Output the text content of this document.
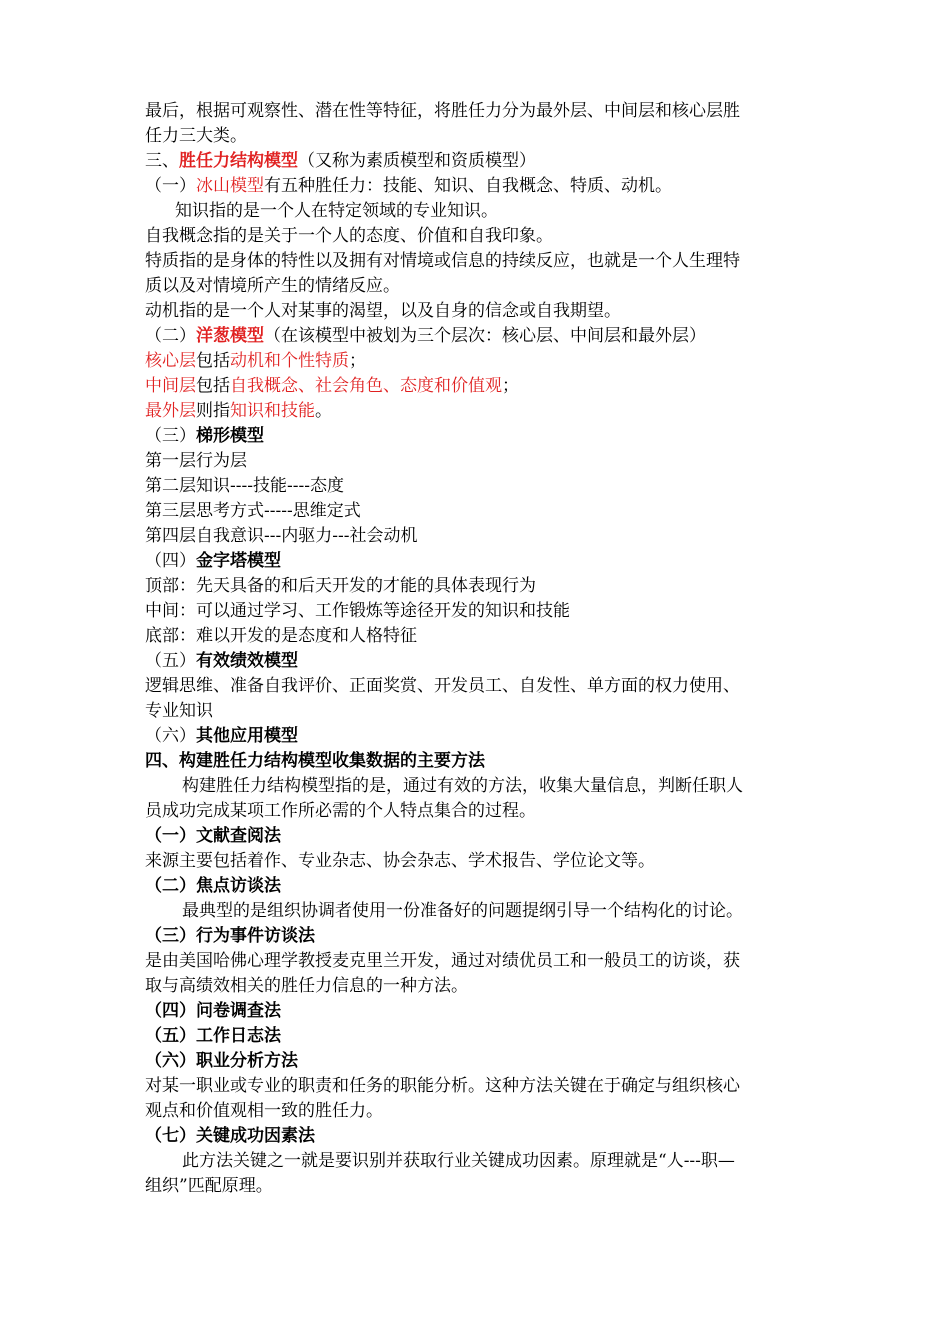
最后，根据可观察性、潜在性等特征，将胜任力分为最外层、中间层和核心层胜
任力三大类。
三、胜任力结构模型（又称为素质模型和资质模型）
（一）冰山模型有五种胜任力：技能、知识、自我概念、特质、动机。
知识指的是一个人在特定领域的专业知识。
自我概念指的是关于一个人的态度、价值和自我印象。
特质指的是身体的特性以及拥有对情境或信息的持续反应，也就是一个人生理特
质以及对情境所产生的情绪反应。
动机指的是一个人对某事的渴望，以及自身的信念或自我期望。
（二）洋葱模型（在该模型中被划为三个层次：核心层、中间层和最外层）
核心层包括动机和个性特质；
中间层包括自我概念、社会角色、态度和价值观；
最外层则指知识和技能。
（三）梯形模型
第一层行为层
第二层知识----技能----态度
第三层思考方式-----思维定式
第四层自我意识---内驱力---社会动机
（四）金字塔模型
顶部：先天具备的和后天开发的才能的具体表现行为
中间：可以通过学习、工作锻炼等途径开发的知识和技能
底部：难以开发的是态度和人格特征
（五）有效绩效模型
逻辑思维、准备自我评价、正面奖赏、开发员工、自发性、单方面的权力使用、
专业知识
（六）其他应用模型
四、构建胜任力结构模型收集数据的主要方法
构建胜任力结构模型指的是，通过有效的方法，收集大量信息，判断任职人
员成功完成某项工作所必需的个人特点集合的过程。
（一）文献查阅法
来源主要包括着作、专业杂志、协会杂志、学术报告、学位论文等。
（二）焦点访谈法
最典型的是组织协调者使用一份准备好的问题提纲引导一个结构化的讨论。
（三）行为事件访谈法
是由美国哈佛心理学教授麦克里兰开发，通过对绩优员工和一般员工的访谈，获
取与高绩效相关的胜任力信息的一种方法。
（四）问卷调查法
（五）工作日志法
（六）职业分析方法
对某一职业或专业的职责和任务的职能分析。这种方法关键在于确定与组织核心
观点和价值观相一致的胜任力。
（七）关键成功因素法
此方法关键之一就是要识别并获取行业关键成功因素。原理就是“人---职—
组织”匹配原理。
